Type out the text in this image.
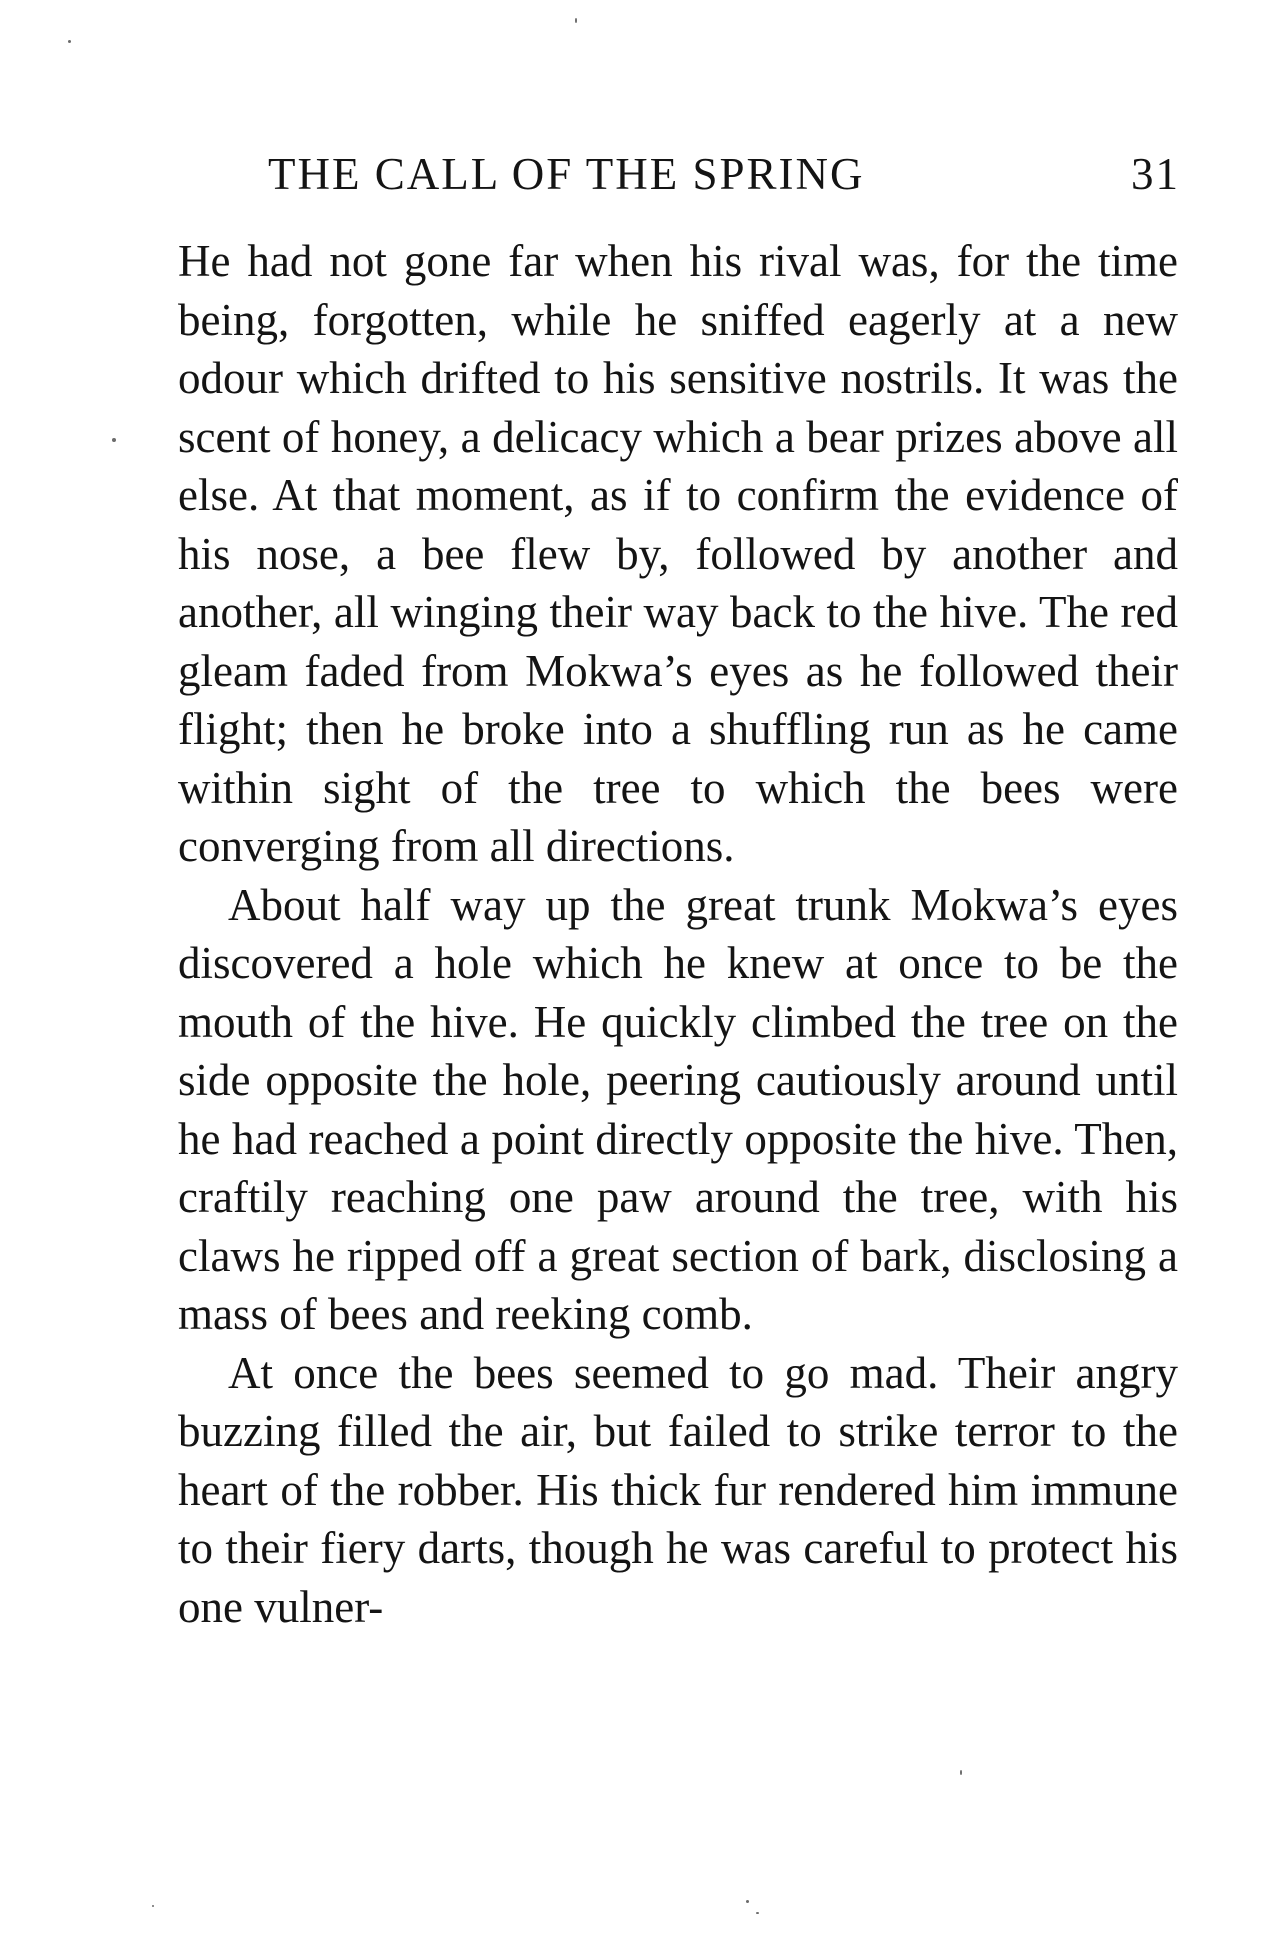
THE CALL OF THE SPRING	31

He had not gone far when his rival was, for the time being, forgotten, while he sniffed eagerly at a new odour which drifted to his sensitive nostrils. It was the scent of honey, a delicacy which a bear prizes above all else. At that moment, as if to confirm the evidence of his nose, a bee flew by, followed by another and another, all winging their way back to the hive. The red gleam faded from Mokwa’s eyes as he followed their flight; then he broke into a shuffling run as he came within sight of the tree to which the bees were converging from all directions.

About half way up the great trunk Mokwa’s eyes discovered a hole which he knew at once to be the mouth of the hive. He quickly climbed the tree on the side opposite the hole, peering cautiously around until he had reached a point directly opposite the hive. Then, craftily reaching one paw around the tree, with his claws he ripped off a great section of bark, disclosing a mass of bees and reeking comb.

At once the bees seemed to go mad. Their angry buzzing filled the air, but failed to strike terror to the heart of the robber. His thick fur rendered him immune to their fiery darts, though he was careful to protect his one vulner-
